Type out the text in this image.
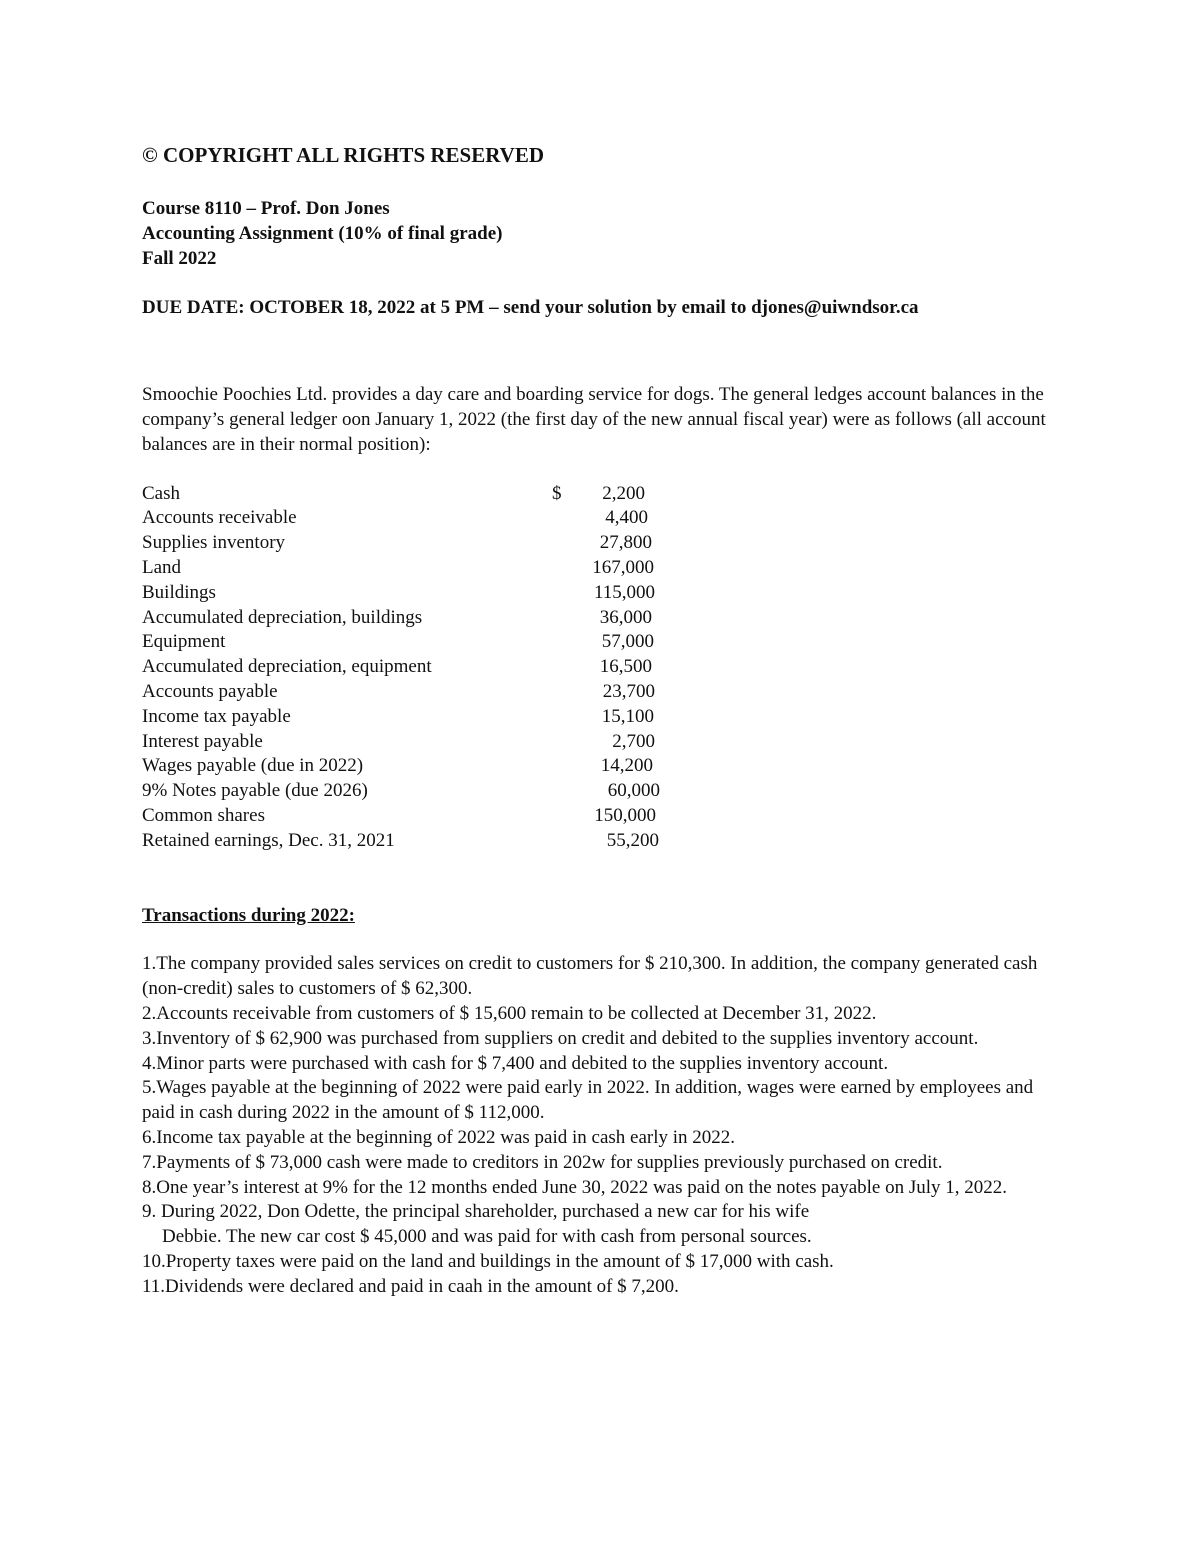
© COPYRIGHT ALL RIGHTS RESERVED

Course 8110 – Prof. Don Jones

Accounting Assignment (10% of final grade)

Fall 2022

DUE DATE: OCTOBER 18, 2022 at 5 PM – send your solution by email to djones@uiwndsor.ca

Smoochie Poochies Ltd. provides a day care and boarding service for dogs. The general ledges account balances in the company’s general ledger oon January 1, 2022 (the first day of the new annual fiscal year) were as follows (all account balances are in their normal position):

Cash	$	2,200
Accounts receivable	4,400
Supplies inventory	27,800
Land	167,000
Buildings	115,000
Accumulated depreciation, buildings	36,000
Equipment	57,000
Accumulated depreciation, equipment	16,500
Accounts payable	23,700
Income tax payable	15,100
Interest payable	2,700
Wages payable (due in 2022)	14,200
9% Notes payable (due 2026)	60,000
Common shares	150,000
Retained earnings, Dec. 31, 2021	55,200

Transactions during 2022:

1.The company provided sales services on credit to customers for $ 210,300. In addition, the company generated cash (non-credit) sales to customers of $ 62,300.

2.Accounts receivable from customers of $ 15,600 remain to be collected at December 31, 2022.

3.Inventory of $ 62,900 was purchased from suppliers on credit and debited to the supplies inventory account.

4.Minor parts were purchased with cash for $ 7,400 and debited to the supplies inventory account.

5.Wages payable at the beginning of 2022 were paid early in 2022. In addition, wages were earned by employees and paid in cash during 2022 in the amount of $ 112,000.

6.Income tax payable at the beginning of 2022 was paid in cash early in 2022.

7.Payments of $ 73,000 cash were made to creditors in 202w for supplies previously purchased on credit.

8.One year’s interest at 9% for the 12 months ended June 30, 2022 was paid on the notes payable on July 1, 2022.

9. During 2022, Don Odette, the principal shareholder, purchased a new car for his wife

Debbie. The new car cost $ 45,000 and was paid for with cash from personal sources.

10.Property taxes were paid on the land and buildings in the amount of $ 17,000 with cash.

11.Dividends were declared and paid in caah in the amount of $ 7,200.
